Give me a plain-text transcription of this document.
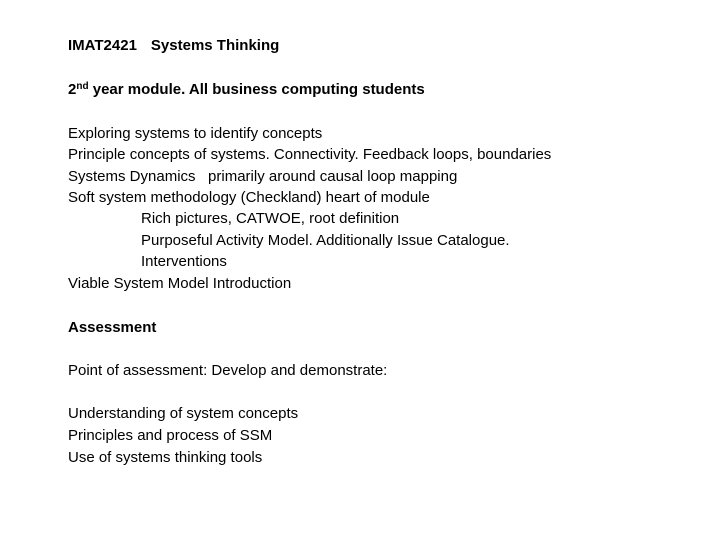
IMAT2421 Systems Thinking
2nd year module. All business computing students
Exploring systems to identify concepts
Principle concepts of systems. Connectivity. Feedback loops, boundaries
Systems Dynamics   primarily around causal loop mapping
Soft system methodology (Checkland) heart of module
Rich pictures, CATWOE, root definition
Purposeful Activity Model. Additionally Issue Catalogue.
Interventions
Viable System Model Introduction
Assessment
Point of assessment: Develop and demonstrate:
Understanding of system concepts
Principles and process of SSM
Use of systems thinking tools
